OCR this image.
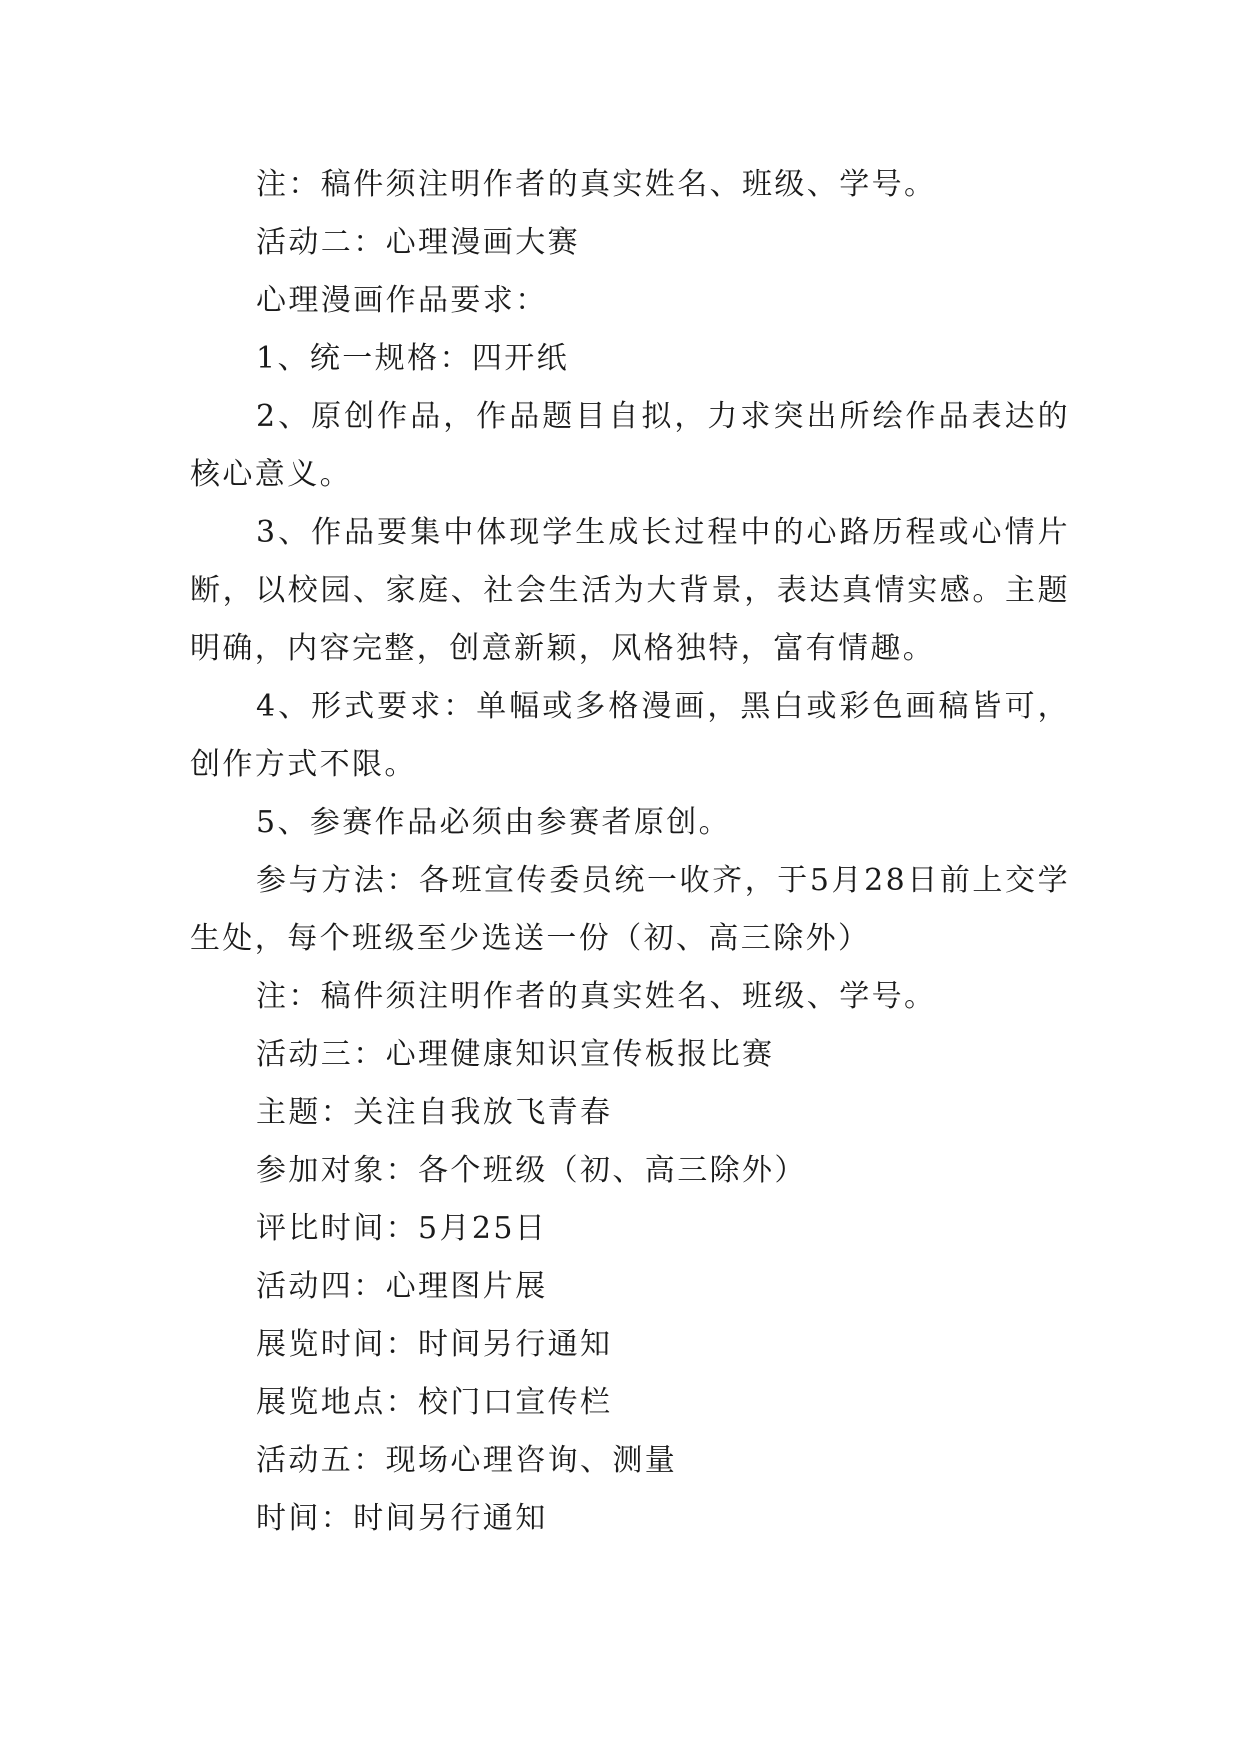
注：稿件须注明作者的真实姓名、班级、学号。

活动二：心理漫画大赛

心理漫画作品要求：

1、统一规格：四开纸

2、原创作品，作品题目自拟，力求突出所绘作品表达的核心意义。

3、作品要集中体现学生成长过程中的心路历程或心情片断，以校园、家庭、社会生活为大背景，表达真情实感。主题明确，内容完整，创意新颖，风格独特，富有情趣。

4、形式要求：单幅或多格漫画，黑白或彩色画稿皆可，创作方式不限。

5、参赛作品必须由参赛者原创。

参与方法：各班宣传委员统一收齐，于5月28日前上交学生处，每个班级至少选送一份（初、高三除外）

注：稿件须注明作者的真实姓名、班级、学号。

活动三：心理健康知识宣传板报比赛

主题：关注自我放飞青春

参加对象：各个班级（初、高三除外）

评比时间：5月25日

活动四：心理图片展

展览时间：时间另行通知

展览地点：校门口宣传栏

活动五：现场心理咨询、测量

时间：时间另行通知
